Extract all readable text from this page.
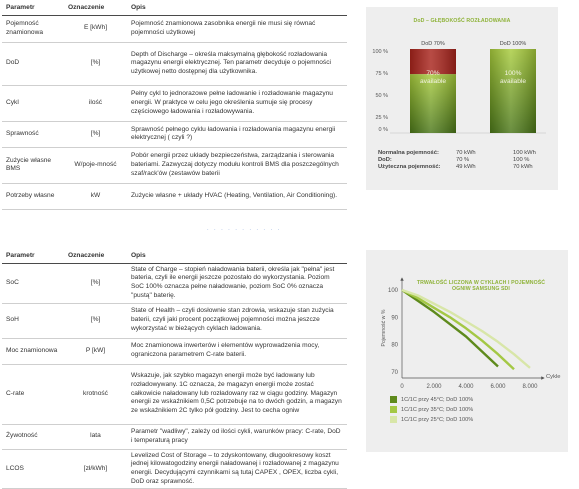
Parametr	Oznaczenie	Opis
Pojemność znamionowa	E [kWh]	Pojemność znamionowa zasobnika energii nie musi się równać pojemności użytkowej
DoD	[%]	Depth of Discharge – określa maksymalną głębokość rozładowania magazynu energii elektrycznej. Ten parametr decyduje o pojemności użytkowej netto dostępnej dla użytkownika.
Cykl	ilość	Pełny cykl to jednorazowe pełne ładowanie i rozładowanie magazynu energii. W praktyce w celu jego określenia sumuje się procesy częściowego ładowania i rozładowywania.
Sprawność	[%]	Sprawność pełnego cyklu ładowania i rozładowania magazynu energii elektrycznej ( czyli ?)
Zużycie własne BMS	W/poje-mność	Pobór energii przez układy bezpieczeństwa, zarządzania i sterowania bateriami. Zazwyczaj dotyczy modułu kontroli BMS dla poszczególnych szaf/rack'ów (zestawów baterii
Potrzeby własne	kW	Zużycie własne + układy HVAC (Heating, Ventilation, Air Conditioning).
· · · · · · · · · · ·
Parametr	Oznaczenie	Opis
SoC	[%]	State of Charge – stopień naładowania baterii, określa jak "pełna" jest bateria, czyli ile energii jeszcze pozostało do wykorzystania. Poziom SoC 100% oznacza pełne naładowanie, poziom SoC 0% oznacza "pustą" baterię.
SoH	[%]	State of Health – czyli dosłownie stan zdrowia, wskazuje stan zużycia baterii, czyli jaki procent początkowej pojemności można jeszcze wykorzystać w bieżących cyklach ładowania.
Moc znamionowa	P [kW]	Moc znamionowa inwerterów i elementów wyprowadzenia mocy, ograniczona parametrem C-rate baterii.
C-rate	krotność	Wskazuje, jak szybko magazyn energii może być ładowany lub rozładowywany. 1C oznacza, że magazyn energii może zostać całkowicie naładowany lub rozładowany raz w ciągu godziny. Magazyn energii ze wskaźnikiem 0,5C potrzebuje na to dwóch godzin, a magazyn ze wskaźnikiem 2C tylko pół godziny. Jest to cecha ogniw
Żywotność	lata	Parametr "wadliwy", zależy od ilości cykli, warunków pracy: C-rate, DoD i temperaturą pracy
LCOS	[zł/kWh]	Levelized Cost of Storage – to zdyskontowany, długookresowy koszt jednej kilowatogodziny energii naładowanej i rozładowanej z magazynu energii. Decydującymi czynnikami są tutaj CAPEX , OPEX, liczba cykli, DoD oraz sprawność.
DoD – GŁĘBOKOŚĆ ROZŁADOWANIA
100 %
75 %
50 %
25 %
0 %
DoD 70%	DoD 100%
70%
available
100%
available
Normalna pojemność:	70 kWh	100 kWh
DoD:	70 %	100 %
Użyteczna pojemność:	49 kWh	70 kWh
TRWAŁOŚĆ LICZONA W CYKLACH I POJEMNOŚĆ
OGNIW SAMSUNG SDI
0	2.000	4.000	6.000	8.000
100
90
80
70
Pojemność w %
Cykle
1C/1C przy 45°C; DoD 100%
1C/1C przy 35°C; DoD 100%
1C/1C przy 25°C; DoD 100%
